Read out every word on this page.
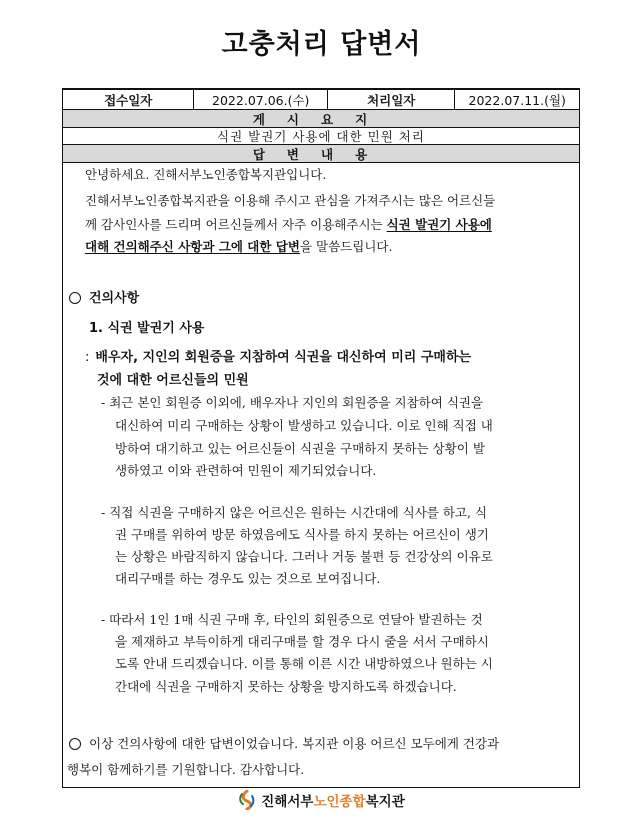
고충처리 답변서
접수일자	2022.07.06.(수)	처리일자	2022.07.11.(월)
게시요지
식권 발권기 사용에 대한 민원 처리
답변내용
안녕하세요. 진해서부노인종합복지관입니다.
진해서부노인종합복지관을 이용해 주시고 관심을 가져주시는 많은 어르신들
께 감사인사를 드리며 어르신들께서 자주 이용해주시는 식권 발권기 사용에
대해 건의해주신 사항과 그에 대한 답변을 말씀드립니다.
건의사항
1. 식권 발권기 사용
: 배우자, 지인의 회원증을 지참하여 식권을 대신하여 미리 구매하는
것에 대한 어르신들의 민원
- 최근 본인 회원증 이외에, 배우자나 지인의 회원증을 지참하여 식권을
대신하여 미리 구매하는 상황이 발생하고 있습니다. 이로 인해 직접 내
방하여 대기하고 있는 어르신들이 식권을 구매하지 못하는 상황이 발
생하였고 이와 관련하여 민원이 제기되었습니다.
- 직접 식권을 구매하지 않은 어르신은 원하는 시간대에 식사를 하고, 식
권 구매를 위하여 방문 하였음에도 식사를 하지 못하는 어르신이 생기
는 상황은 바람직하지 않습니다. 그러나 거동 불편 등 건강상의 이유로
대리구매를 하는 경우도 있는 것으로 보여집니다.
- 따라서 1인 1매 식권 구매 후, 타인의 회원증으로 연달아 발권하는 것
을 제재하고 부득이하게 대리구매를 할 경우 다시 줄을 서서 구매하시
도록 안내 드리겠습니다. 이를 통해 이른 시간 내방하였으나 원하는 시
간대에 식권을 구매하지 못하는 상황을 방지하도록 하겠습니다.
이상 건의사항에 대한 답변이었습니다. 복지관 이용 어르신 모두에게 건강과
행복이 함께하기를 기원합니다. 감사합니다.
진해서부노인종합복지관
